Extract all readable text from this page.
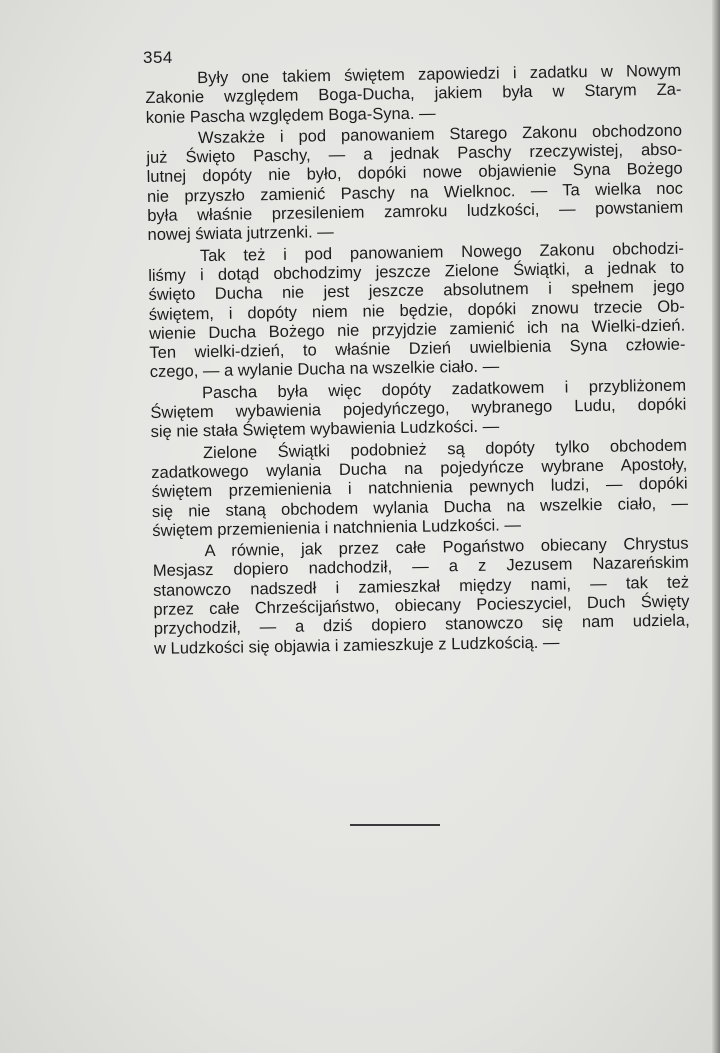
354
Były one takiem świętem zapowiedzi i zadatku w Nowym
Zakonie względem Boga-Ducha, jakiem była w Starym Za-
konie Pascha względem Boga-Syna. —
Wszakże i pod panowaniem Starego Zakonu obchodzono
już Święto Paschy, — a jednak Paschy rzeczywistej, abso-
lutnej dopóty nie było, dopóki nowe objawienie Syna Bożego
nie przyszło zamienić Paschy na Wielknoc. — Ta wielka noc
była właśnie przesileniem zamroku ludzkości, — powstaniem
nowej świata jutrzenki. —
Tak też i pod panowaniem Nowego Zakonu obchodzi-
liśmy i dotąd obchodzimy jeszcze Zielone Świątki, a jednak to
święto Ducha nie jest jeszcze absolutnem i spełnem jego
świętem, i dopóty niem nie będzie, dopóki znowu trzecie Ob-
wienie Ducha Bożego nie przyjdzie zamienić ich na Wielki-dzień.
Ten wielki-dzień, to właśnie Dzień uwielbienia Syna człowie-
czego, — a wylanie Ducha na wszelkie ciało. —
Pascha była więc dopóty zadatkowem i przybliżonem
Świętem wybawienia pojedyńczego, wybranego Ludu, dopóki
się nie stała Świętem wybawienia Ludzkości. —
Zielone Świątki podobnież są dopóty tylko obchodem
zadatkowego wylania Ducha na pojedyńcze wybrane Apostoły,
świętem przemienienia i natchnienia pewnych ludzi, — dopóki
się nie staną obchodem wylania Ducha na wszelkie ciało, —
świętem przemienienia i natchnienia Ludzkości. —
A równie, jak przez całe Pogaństwo obiecany Chrystus
Mesjasz dopiero nadchodził, — a z Jezusem Nazareńskim
stanowczo nadszedł i zamieszkał między nami, — tak też
przez całe Chrześcijaństwo, obiecany Pocieszyciel, Duch Święty
przychodził, — a dziś dopiero stanowczo się nam udziela,
w Ludzkości się objawia i zamieszkuje z Ludzkością. —
